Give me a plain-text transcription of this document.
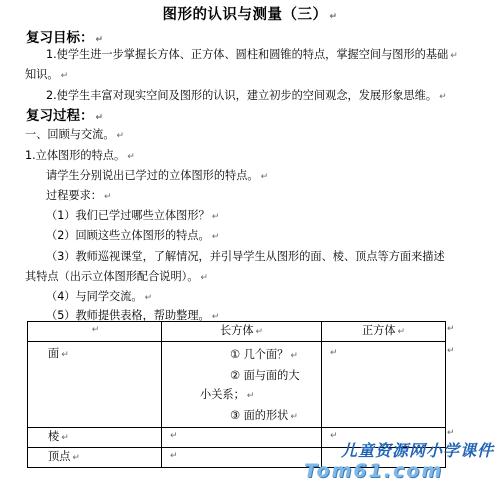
图形的认识与测量（三） ↵
复习目标： ↵
1.使学生进一步掌握长方体、正方体、圆柱和圆锥的特点，掌握空间与图形的基础 ↵
知识。 ↵
2.使学生丰富对现实空间及图形的认识，建立初步的空间观念，发展形象思维。 ↵
复习过程： ↵
一、回顾与交流。 ↵
1.立体图形的特点。 ↵
请学生分别说出已学过的立体图形的特点。 ↵
过程要求： ↵
（1）我们已学过哪些立体图形？ ↵
（2）回顾这些立体图形的特点。 ↵
（3）教师巡视课堂，了解情况，并引导学生从图形的面、棱、顶点等方面来描述
其特点（出示立体图形配合说明）。 ↵
（4）与同学交流。 ↵
（5）教师提供表格，帮助整理。 ↵
↵	长方体 ↵	正方体 ↵
面 ↵	① 几个面？ ↵
② 面与面的大
小关系； ↵
③ 面的形状 ↵	↵
棱 ↵	↵	↵
顶点 ↵	↵	
↵
↵
↵
儿童资源网小学课件
Tom61.com
